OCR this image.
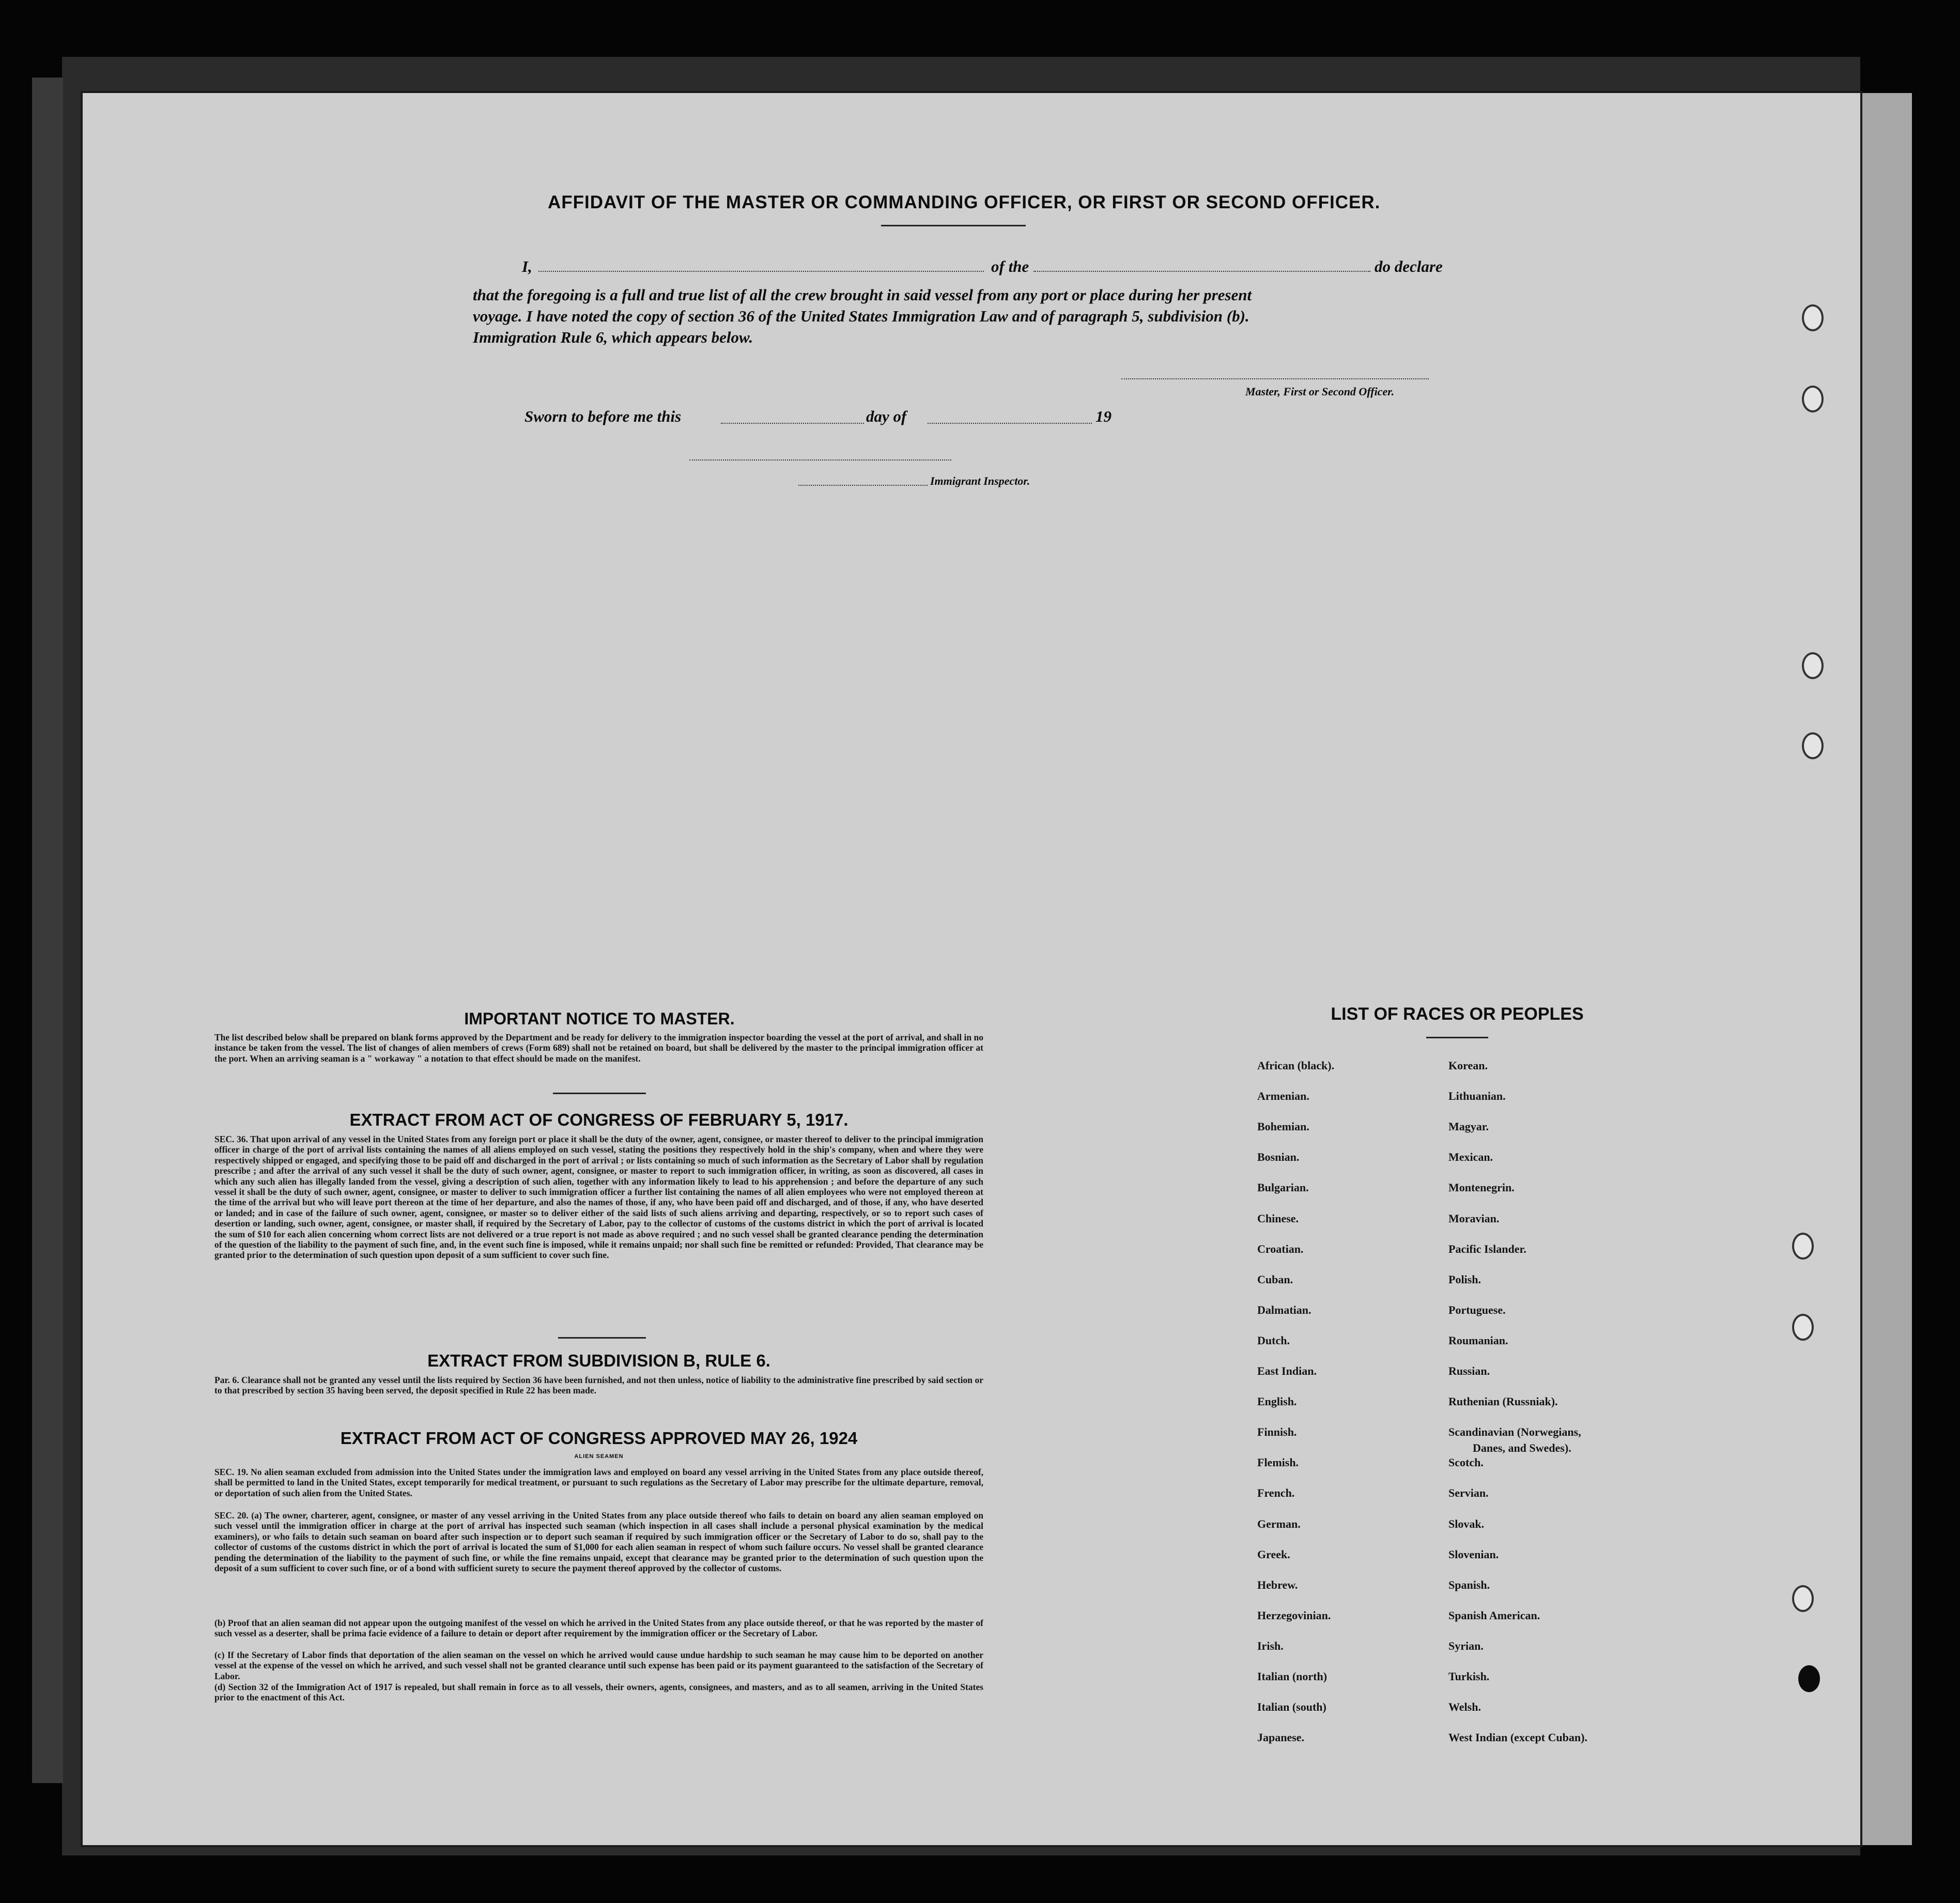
AFFIDAVIT OF THE MASTER OR COMMANDING OFFICER, OR FIRST OR SECOND OFFICER.
I,	of the	do declare
that the foregoing is a full and true list of all the crew brought in said vessel from any port or place during her present
voyage. I have noted the copy of section 36 of the United States Immigration Law and of paragraph 5, subdivision (b).
Immigration Rule 6, which appears below.
Master, First or Second Officer.
Sworn to before me this	day of	19
Immigrant Inspector.
IMPORTANT NOTICE TO MASTER.
The list described below shall be prepared on blank forms approved by the Department and be ready for delivery to the immigration inspector boarding the vessel at the port of arrival, and shall in no instance be taken from the vessel. The list of changes of alien members of crews (Form 689) shall not be retained on board, but shall be delivered by the master to the principal immigration officer at the port. When an arriving seaman is a " workaway " a notation to that effect should be made on the manifest.
EXTRACT FROM ACT OF CONGRESS OF FEBRUARY 5, 1917.
SEC. 36. That upon arrival of any vessel in the United States from any foreign port or place it shall be the duty of the owner, agent, consignee, or master thereof to deliver to the principal immigration officer in charge of the port of arrival lists containing the names of all aliens employed on such vessel, stating the positions they respectively hold in the ship's company, when and where they were respectively shipped or engaged, and specifying those to be paid off and discharged in the port of arrival ; or lists containing so much of such information as the Secretary of Labor shall by regulation prescribe ; and after the arrival of any such vessel it shall be the duty of such owner, agent, consignee, or master to report to such immigration officer, in writing, as soon as discovered, all cases in which any such alien has illegally landed from the vessel, giving a description of such alien, together with any information likely to lead to his apprehension ; and before the departure of any such vessel it shall be the duty of such owner, agent, consignee, or master to deliver to such immigration officer a further list containing the names of all alien employees who were not employed thereon at the time of the arrival but who will leave port thereon at the time of her departure, and also the names of those, if any, who have been paid off and discharged, and of those, if any, who have deserted or landed; and in case of the failure of such owner, agent, consignee, or master so to deliver either of the said lists of such aliens arriving and departing, respectively, or so to report such cases of desertion or landing, such owner, agent, consignee, or master shall, if required by the Secretary of Labor, pay to the collector of customs of the customs district in which the port of arrival is located the sum of $10 for each alien concerning whom correct lists are not delivered or a true report is not made as above required ; and no such vessel shall be granted clearance pending the determination of the question of the liability to the payment of such fine, and, in the event such fine is imposed, while it remains unpaid; nor shall such fine be remitted or refunded: Provided, That clearance may be granted prior to the determination of such question upon deposit of a sum sufficient to cover such fine.
EXTRACT FROM SUBDIVISION B, RULE 6.
Par. 6. Clearance shall not be granted any vessel until the lists required by Section 36 have been furnished, and not then unless, notice of liability to the administrative fine prescribed by said section or to that prescribed by section 35 having been served, the deposit specified in Rule 22 has been made.
EXTRACT FROM ACT OF CONGRESS APPROVED MAY 26, 1924
ALIEN SEAMEN
SEC. 19. No alien seaman excluded from admission into the United States under the immigration laws and employed on board any vessel arriving in the United States from any place outside thereof, shall be permitted to land in the United States, except temporarily for medical treatment, or pursuant to such regulations as the Secretary of Labor may prescribe for the ultimate departure, removal, or deportation of such alien from the United States.
SEC. 20. (a) The owner, charterer, agent, consignee, or master of any vessel arriving in the United States from any place outside thereof who fails to detain on board any alien seaman employed on such vessel until the immigration officer in charge at the port of arrival has inspected such seaman (which inspection in all cases shall include a personal physical examination by the medical examiners), or who fails to detain such seaman on board after such inspection or to deport such seaman if required by such immigration officer or the Secretary of Labor to do so, shall pay to the collector of customs of the customs district in which the port of arrival is located the sum of $1,000 for each alien seaman in respect of whom such failure occurs. No vessel shall be granted clearance pending the determination of the liability to the payment of such fine, or while the fine remains unpaid, except that clearance may be granted prior to the determination of such question upon the deposit of a sum sufficient to cover such fine, or of a bond with sufficient surety to secure the payment thereof approved by the collector of customs.
(b) Proof that an alien seaman did not appear upon the outgoing manifest of the vessel on which he arrived in the United States from any place outside thereof, or that he was reported by the master of such vessel as a deserter, shall be prima facie evidence of a failure to detain or deport after requirement by the immigration officer or the Secretary of Labor.
(c) If the Secretary of Labor finds that deportation of the alien seaman on the vessel on which he arrived would cause undue hardship to such seaman he may cause him to be deported on another vessel at the expense of the vessel on which he arrived, and such vessel shall not be granted clearance until such expense has been paid or its payment guaranteed to the satisfaction of the Secretary of Labor.
(d) Section 32 of the Immigration Act of 1917 is repealed, but shall remain in force as to all vessels, their owners, agents, consignees, and masters, and as to all seamen, arriving in the United States prior to the enactment of this Act.
LIST OF RACES OR PEOPLES
African (black).
Armenian.
Bohemian.
Bosnian.
Bulgarian.
Chinese.
Croatian.
Cuban.
Dalmatian.
Dutch.
East Indian.
English.
Finnish.
Flemish.
French.
German.
Greek.
Hebrew.
Herzegovinian.
Irish.
Italian (north)
Italian (south)
Japanese.
Korean.
Lithuanian.
Magyar.
Mexican.
Montenegrin.
Moravian.
Pacific Islander.
Polish.
Portuguese.
Roumanian.
Russian.
Ruthenian (Russniak).
Scandinavian (Norwegians,
Scotch.
Servian.
Slovak.
Slovenian.
Spanish.
Spanish American.
Syrian.
Turkish.
Welsh.
West Indian (except Cuban).
Danes, and Swedes).
